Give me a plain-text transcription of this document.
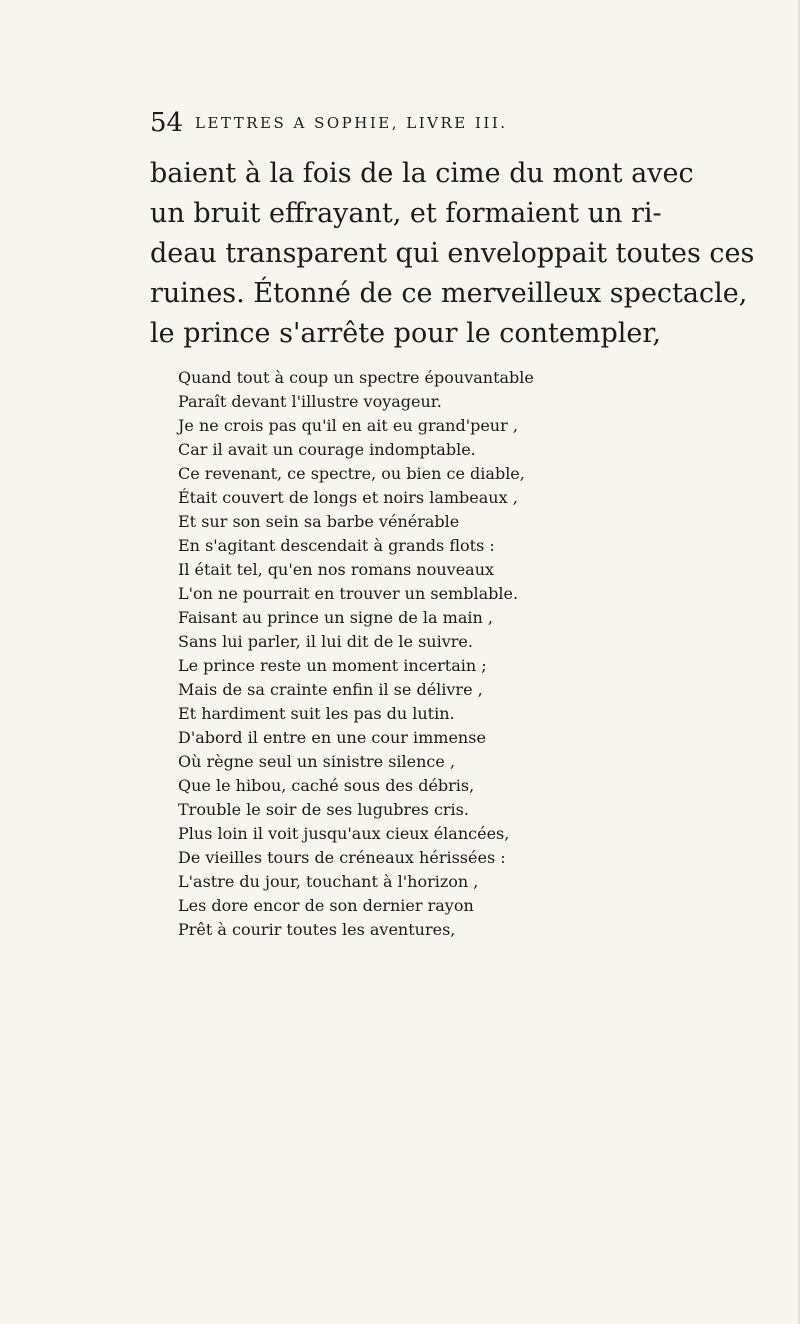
54 LETTRES A SOPHIE, LIVRE III.
baient à la fois de la cime du mont avec
un bruit effrayant, et formaient un ri-
deau transparent qui enveloppait toutes ces
ruines. Étonné de ce merveilleux spectacle,
le prince s'arrête pour le contempler,
Quand tout à coup un spectre épouvantable
Paraît devant l'illustre voyageur.
Je ne crois pas qu'il en ait eu grand'peur ,
Car il avait un courage indomptable.
Ce revenant, ce spectre, ou bien ce diable,
Était couvert de longs et noirs lambeaux ,
Et sur son sein sa barbe vénérable
En s'agitant descendait à grands flots :
Il était tel, qu'en nos romans nouveaux
L'on ne pourrait en trouver un semblable.
Faisant au prince un signe de la main ,
Sans lui parler, il lui dit de le suivre.
Le prince reste un moment incertain ;
Mais de sa crainte enfin il se délivre ,
Et hardiment suit les pas du lutin.
D'abord il entre en une cour immense
Où règne seul un sinistre silence ,
Que le hibou, caché sous des débris,
Trouble le soir de ses lugubres cris.
Plus loin il voit jusqu'aux cieux élancées,
De vieilles tours de créneaux hérissées :
L'astre du jour, touchant à l'horizon ,
Les dore encor de son dernier rayon
Prêt à courir toutes les aventures,
